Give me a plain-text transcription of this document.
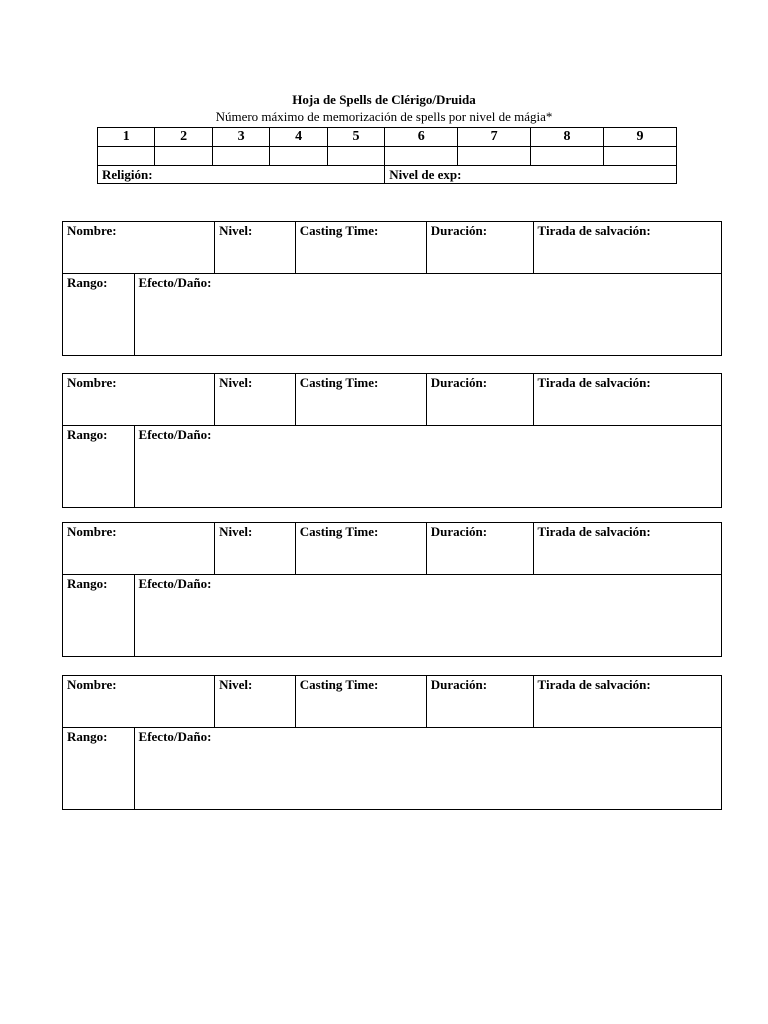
Hoja de Spells de Clérigo/Druida
Número máximo de memorización de spells por nivel de mágia*
1	2	3	4	5	6	7	8	9

Religión:					Nivel de exp:			
Nombre:		Nivel:	Casting Time:	Duración:	Tirada de salvación:
Rango:	Efecto/Daño:				
Nombre:		Nivel:	Casting Time:	Duración:	Tirada de salvación:
Rango:	Efecto/Daño:				
Nombre:		Nivel:	Casting Time:	Duración:	Tirada de salvación:
Rango:	Efecto/Daño:				
Nombre:		Nivel:	Casting Time:	Duración:	Tirada de salvación:
Rango:	Efecto/Daño:				
